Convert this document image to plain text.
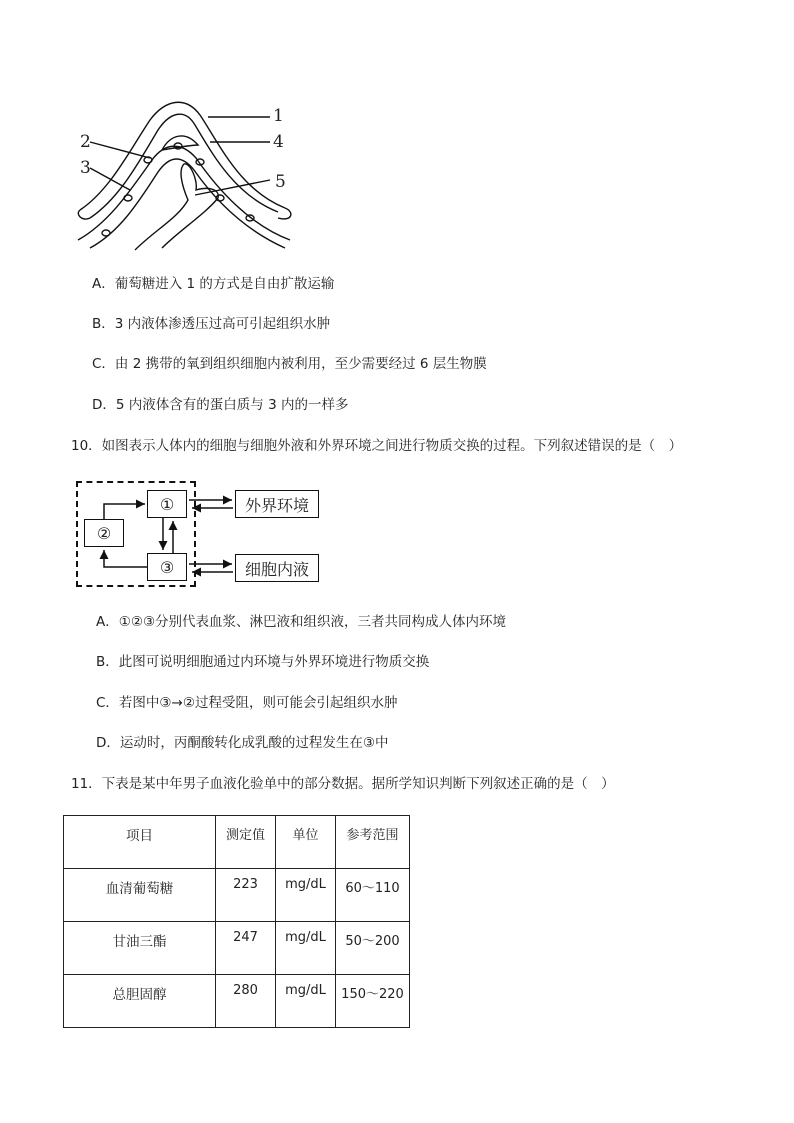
1
2
3
4
5
A．葡萄糖进入 1 的方式是自由扩散运输
B．3 内液体渗透压过高可引起组织水肿
C．由 2 携带的氧到组织细胞内被利用，至少需要经过 6 层生物膜
D．5 内液体含有的蛋白质与 3 内的一样多
10．如图表示人体内的细胞与细胞外液和外界环境之间进行物质交换的过程。下列叙述错误的是（　）
①
②
③
外界环境
细胞内液
A．①②③分别代表血浆、淋巴液和组织液，三者共同构成人体内环境
B．此图可说明细胞通过内环境与外界环境进行物质交换
C．若图中③→②过程受阻，则可能会引起组织水肿
D．运动时，丙酮酸转化成乳酸的过程发生在③中
11．下表是某中年男子血液化验单中的部分数据。据所学知识判断下列叙述正确的是（　）
项目	测定值	单位	参考范围
血清葡萄糖	223	mg/dL	60～110
甘油三酯	247	mg/dL	50～200
总胆固醇	280	mg/dL	150～220
